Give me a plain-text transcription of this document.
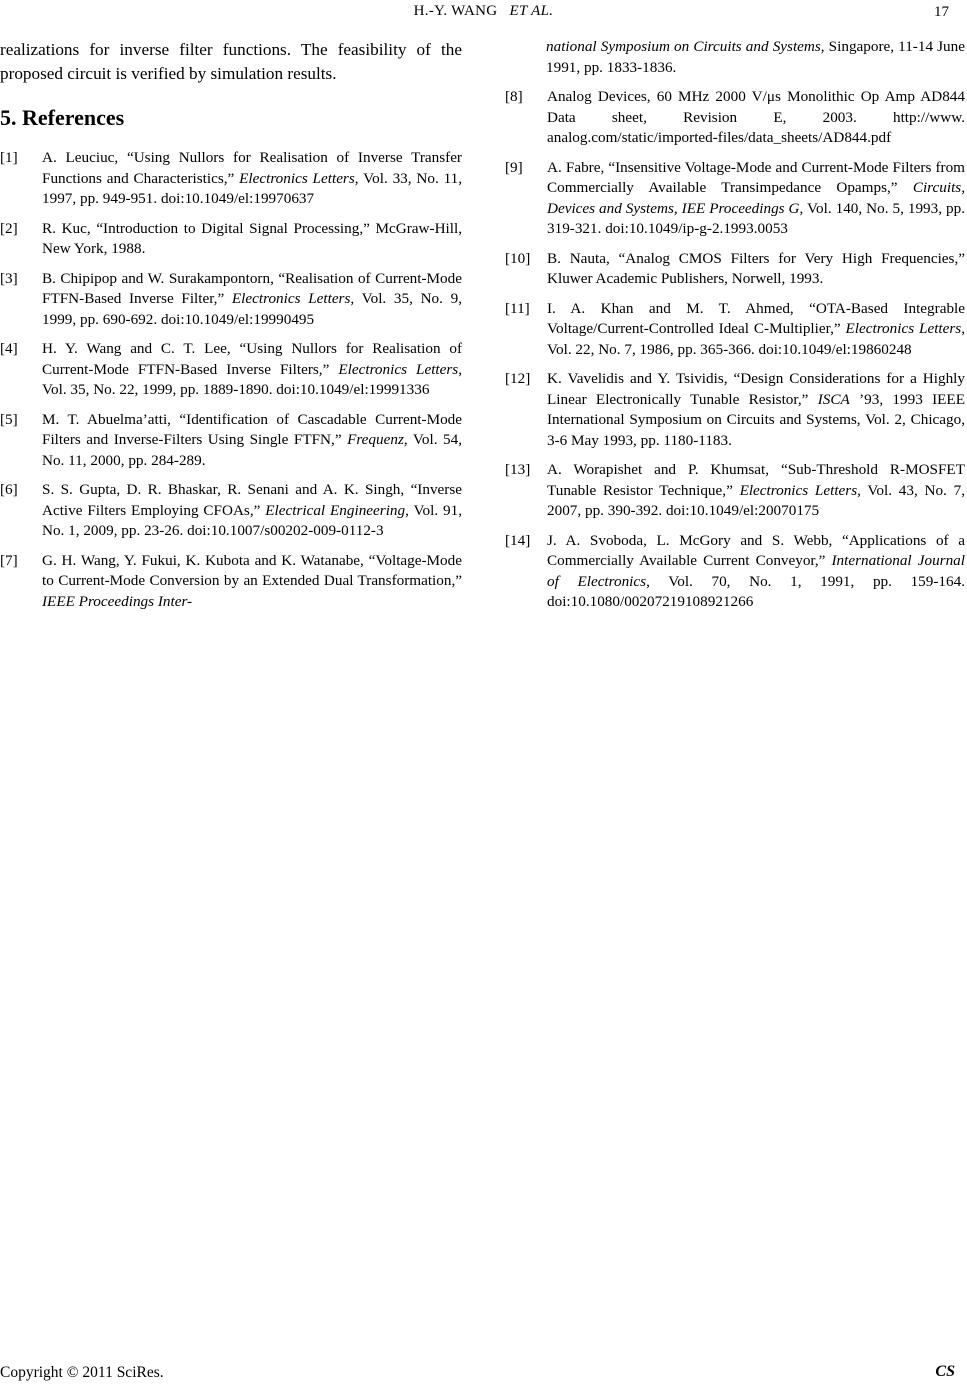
H.-Y. WANG ET AL.	17

realizations for inverse filter functions. The feasibility of the proposed circuit is verified by simulation results.

5. References
[1]	A. Leuciuc, “Using Nullors for Realisation of Inverse Transfer Functions and Characteristics,” Electronics Letters, Vol. 33, No. 11, 1997, pp. 949-951. doi:10.1049/el:19970637
[2]	R. Kuc, “Introduction to Digital Signal Processing,” McGraw-Hill, New York, 1988.
[3]	B. Chipipop and W. Surakampontorn, “Realisation of Current-Mode FTFN-Based Inverse Filter,” Electronics Letters, Vol. 35, No. 9, 1999, pp. 690-692. doi:10.1049/el:19990495
[4]	H. Y. Wang and C. T. Lee, “Using Nullors for Realisation of Current-Mode FTFN-Based Inverse Filters,” Electronics Letters, Vol. 35, No. 22, 1999, pp. 1889-1890. doi:10.1049/el:19991336
[5]	M. T. Abuelma’atti, “Identification of Cascadable Current-Mode Filters and Inverse-Filters Using Single FTFN,” Frequenz, Vol. 54, No. 11, 2000, pp. 284-289.
[6]	S. S. Gupta, D. R. Bhaskar, R. Senani and A. K. Singh, “Inverse Active Filters Employing CFOAs,” Electrical Engineering, Vol. 91, No. 1, 2009, pp. 23-26. doi:10.1007/s00202-009-0112-3
[7]	G. H. Wang, Y. Fukui, K. Kubota and K. Watanabe, “Voltage-Mode to Current-Mode Conversion by an Extended Dual Transformation,” IEEE Proceedings Inter-
national Symposium on Circuits and Systems, Singapore, 11-14 June 1991, pp. 1833-1836.
[8]	Analog Devices, 60 MHz 2000 V/μs Monolithic Op Amp AD844 Data sheet, Revision E, 2003. http://www. analog.com/static/imported-files/data_sheets/AD844.pdf
[9]	A. Fabre, “Insensitive Voltage-Mode and Current-Mode Filters from Commercially Available Transimpedance Opamps,” Circuits, Devices and Systems, IEE Proceedings G, Vol. 140, No. 5, 1993, pp. 319-321. doi:10.1049/ip-g-2.1993.0053
[10]	B. Nauta, “Analog CMOS Filters for Very High Frequencies,” Kluwer Academic Publishers, Norwell, 1993.
[11]	I. A. Khan and M. T. Ahmed, “OTA-Based Integrable Voltage/Current-Controlled Ideal C-Multiplier,” Electronics Letters, Vol. 22, No. 7, 1986, pp. 365-366. doi:10.1049/el:19860248
[12]	K. Vavelidis and Y. Tsividis, “Design Considerations for a Highly Linear Electronically Tunable Resistor,” ISCA ’93, 1993 IEEE International Symposium on Circuits and Systems, Vol. 2, Chicago, 3-6 May 1993, pp. 1180-1183.
[13]	A. Worapishet and P. Khumsat, “Sub-Threshold R-MOSFET Tunable Resistor Technique,” Electronics Letters, Vol. 43, No. 7, 2007, pp. 390-392. doi:10.1049/el:20070175
[14]	J. A. Svoboda, L. McGory and S. Webb, “Applications of a Commercially Available Current Conveyor,” International Journal of Electronics, Vol. 70, No. 1, 1991, pp. 159-164. doi:10.1080/00207219108921266
Copyright © 2011 SciRes.	CS
